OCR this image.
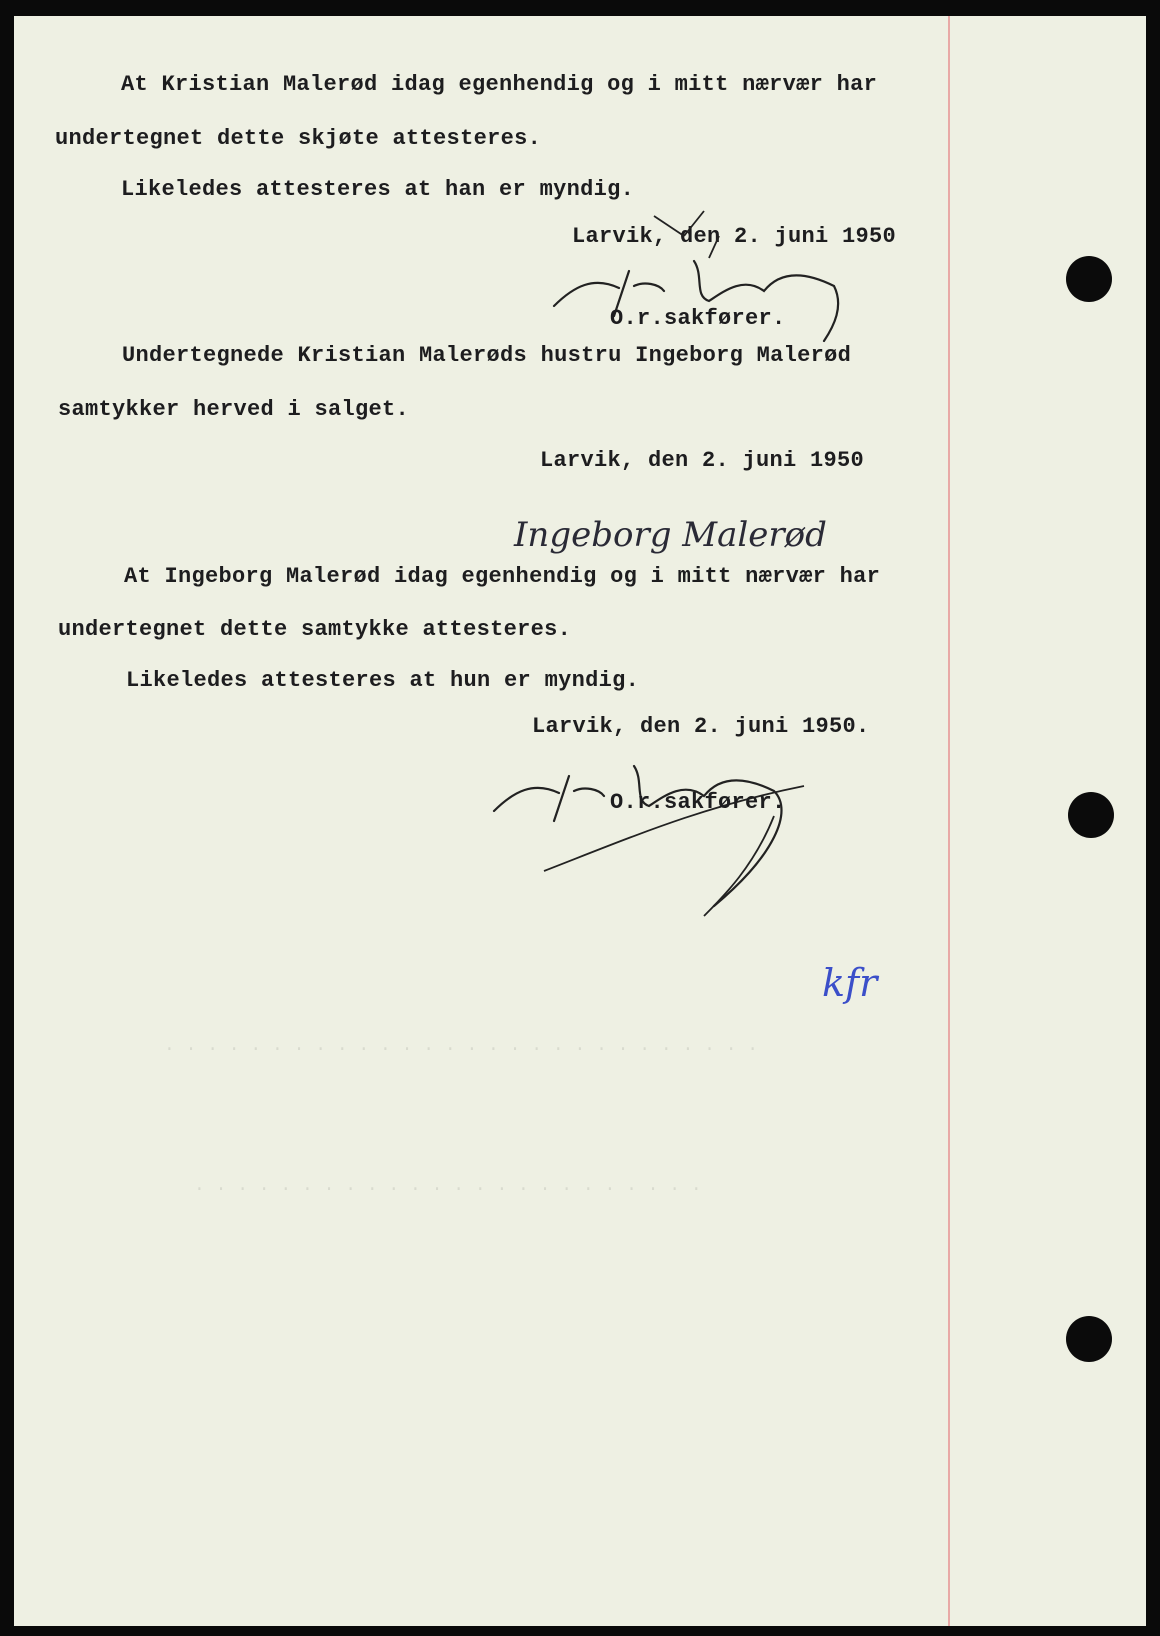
. . . . . . . . . . . . . . . . . . . . . . . . . . . .
. . . . . . . . . . . . . . . . . . . . . . . .
At Kristian Malerød idag egenhendig og i mitt nærvær har
undertegnet dette skjøte attesteres.
Likeledes attesteres at han er myndig.
Larvik, den 2. juni 1950
O.r.sakfører.
Undertegnede Kristian Malerøds hustru Ingeborg Malerød
samtykker herved i salget.
Larvik, den 2. juni 1950
Ingeborg Malerød
At Ingeborg Malerød idag egenhendig og i mitt nærvær har
undertegnet dette samtykke attesteres.
Likeledes attesteres at hun er myndig.
Larvik, den 2. juni 1950.
O.r.sakfører.
kfr
